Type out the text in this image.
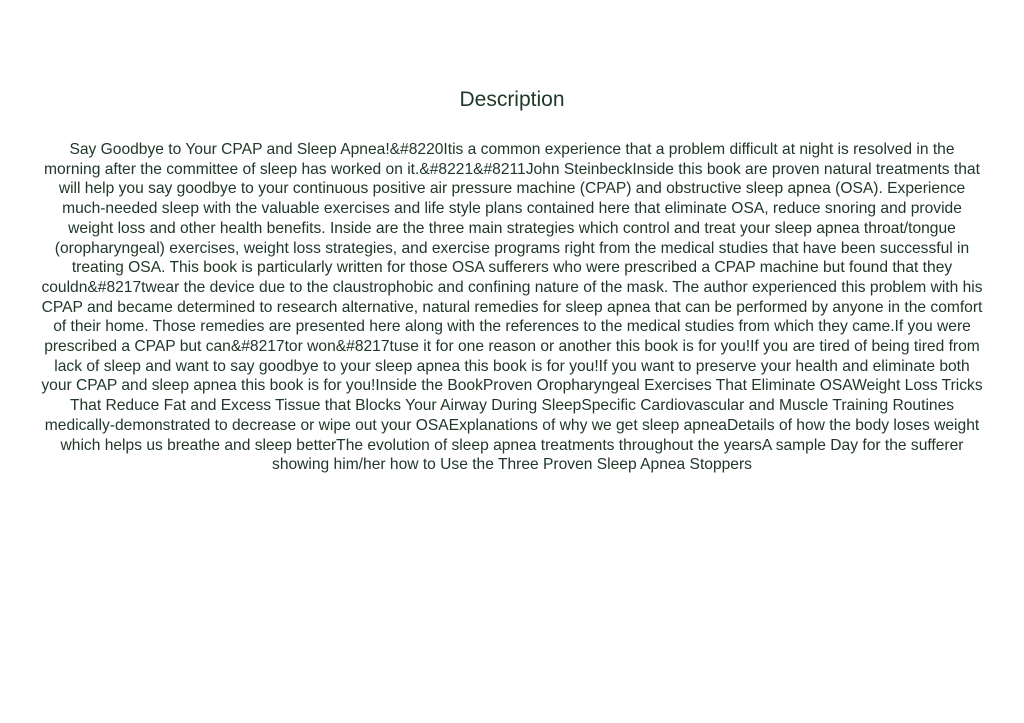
Description

Say Goodbye to Your CPAP and Sleep Apnea!&#8220Itis a common experience that a problem difficult at night is resolved in the morning after the committee of sleep has worked on it.&#8221&#8211John SteinbeckInside this book are proven natural treatments that will help you say goodbye to your continuous positive air pressure machine (CPAP) and obstructive sleep apnea (OSA). Experience much-needed sleep with the valuable exercises and life style plans contained here that eliminate OSA, reduce snoring and provide weight loss and other health benefits. Inside are the three main strategies which control and treat your sleep apnea throat/tongue (oropharyngeal) exercises, weight loss strategies, and exercise programs right from the medical studies that have been successful in treating OSA. This book is particularly written for those OSA sufferers who were prescribed a CPAP machine but found that they couldn&#8217twear the device due to the claustrophobic and confining nature of the mask. The author experienced this problem with his CPAP and became determined to research alternative, natural remedies for sleep apnea that can be performed by anyone in the comfort of their home. Those remedies are presented here along with the references to the medical studies from which they came.If you were prescribed a CPAP but can&#8217tor won&#8217tuse it for one reason or another this book is for you!If you are tired of being tired from lack of sleep and want to say goodbye to your sleep apnea this book is for you!If you want to preserve your health and eliminate both your CPAP and sleep apnea this book is for you!Inside the BookProven Oropharyngeal Exercises That Eliminate OSAWeight Loss Tricks That Reduce Fat and Excess Tissue that Blocks Your Airway During SleepSpecific Cardiovascular and Muscle Training Routines medically-demonstrated to decrease or wipe out your OSAExplanations of why we get sleep apneaDetails of how the body loses weight which helps us breathe and sleep betterThe evolution of sleep apnea treatments throughout the yearsA sample Day for the sufferer showing him/her how to Use the Three Proven Sleep Apnea Stoppers
